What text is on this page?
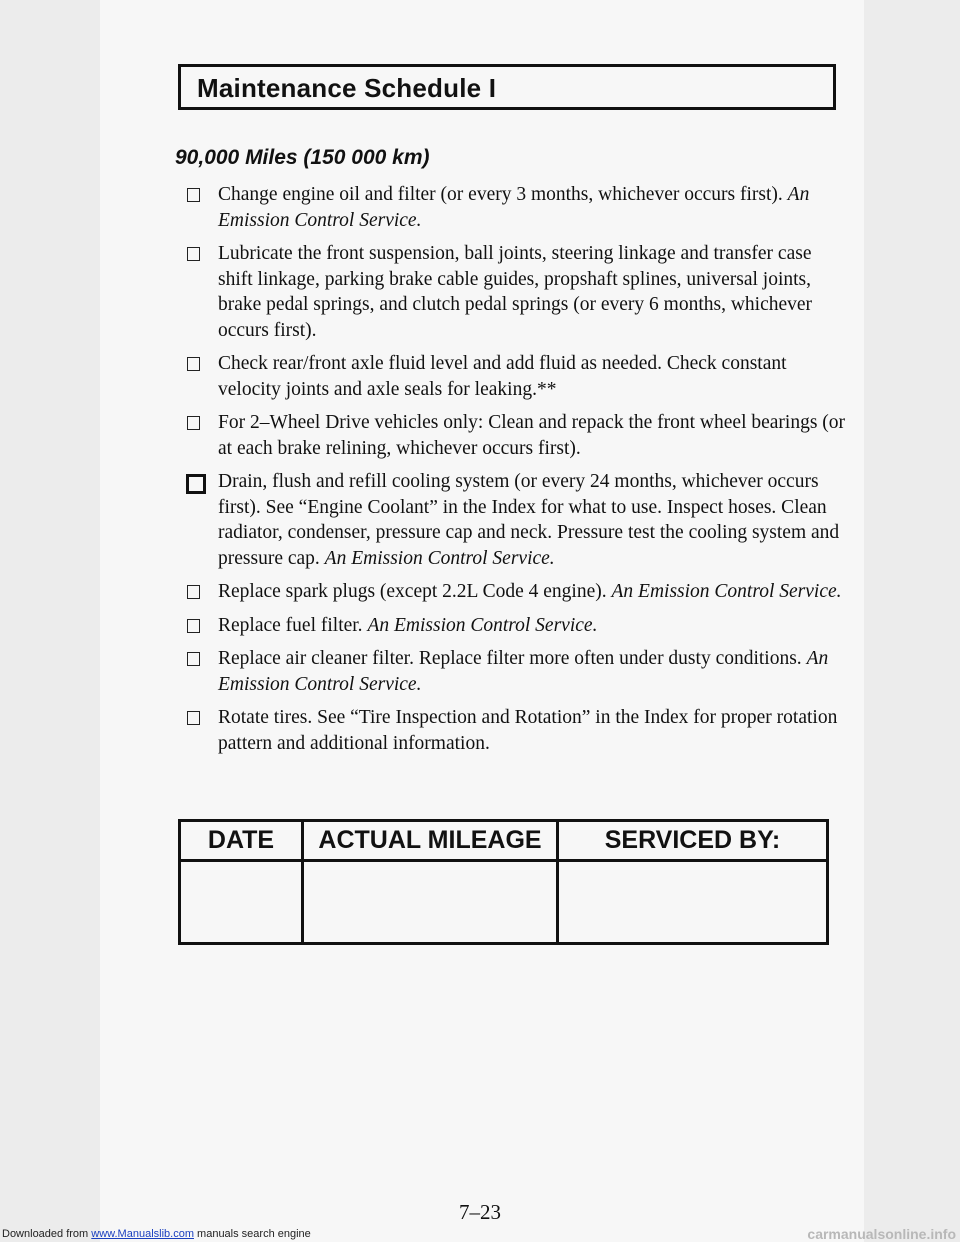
Maintenance Schedule I
90,000 Miles (150 000 km)
Change engine oil and filter (or every 3 months, whichever occurs first). An Emission Control Service.
Lubricate the front suspension, ball joints, steering linkage and transfer case shift linkage, parking brake cable guides, propshaft splines, universal joints, brake pedal springs, and clutch pedal springs (or every 6 months, whichever occurs first).
Check rear/front axle fluid level and add fluid as needed. Check constant velocity joints and axle seals for leaking.**
For 2–Wheel Drive vehicles only: Clean and repack the front wheel bearings (or at each brake relining, whichever occurs first).
Drain, flush and refill cooling system (or every 24 months, whichever occurs first). See “Engine Coolant” in the Index for what to use. Inspect hoses. Clean radiator, condenser, pressure cap and neck. Pressure test the cooling system and pressure cap. An Emission Control Service.
Replace spark plugs (except 2.2L Code 4 engine). An Emission Control Service.
Replace fuel filter. An Emission Control Service.
Replace air cleaner filter. Replace filter more often under dusty conditions. An Emission Control Service.
Rotate tires. See “Tire Inspection and Rotation” in the Index for proper rotation pattern and additional information.
DATE	ACTUAL MILEAGE	SERVICED BY:
7–23
Downloaded from www.Manualslib.com manuals search engine	carmanualsonline.info
